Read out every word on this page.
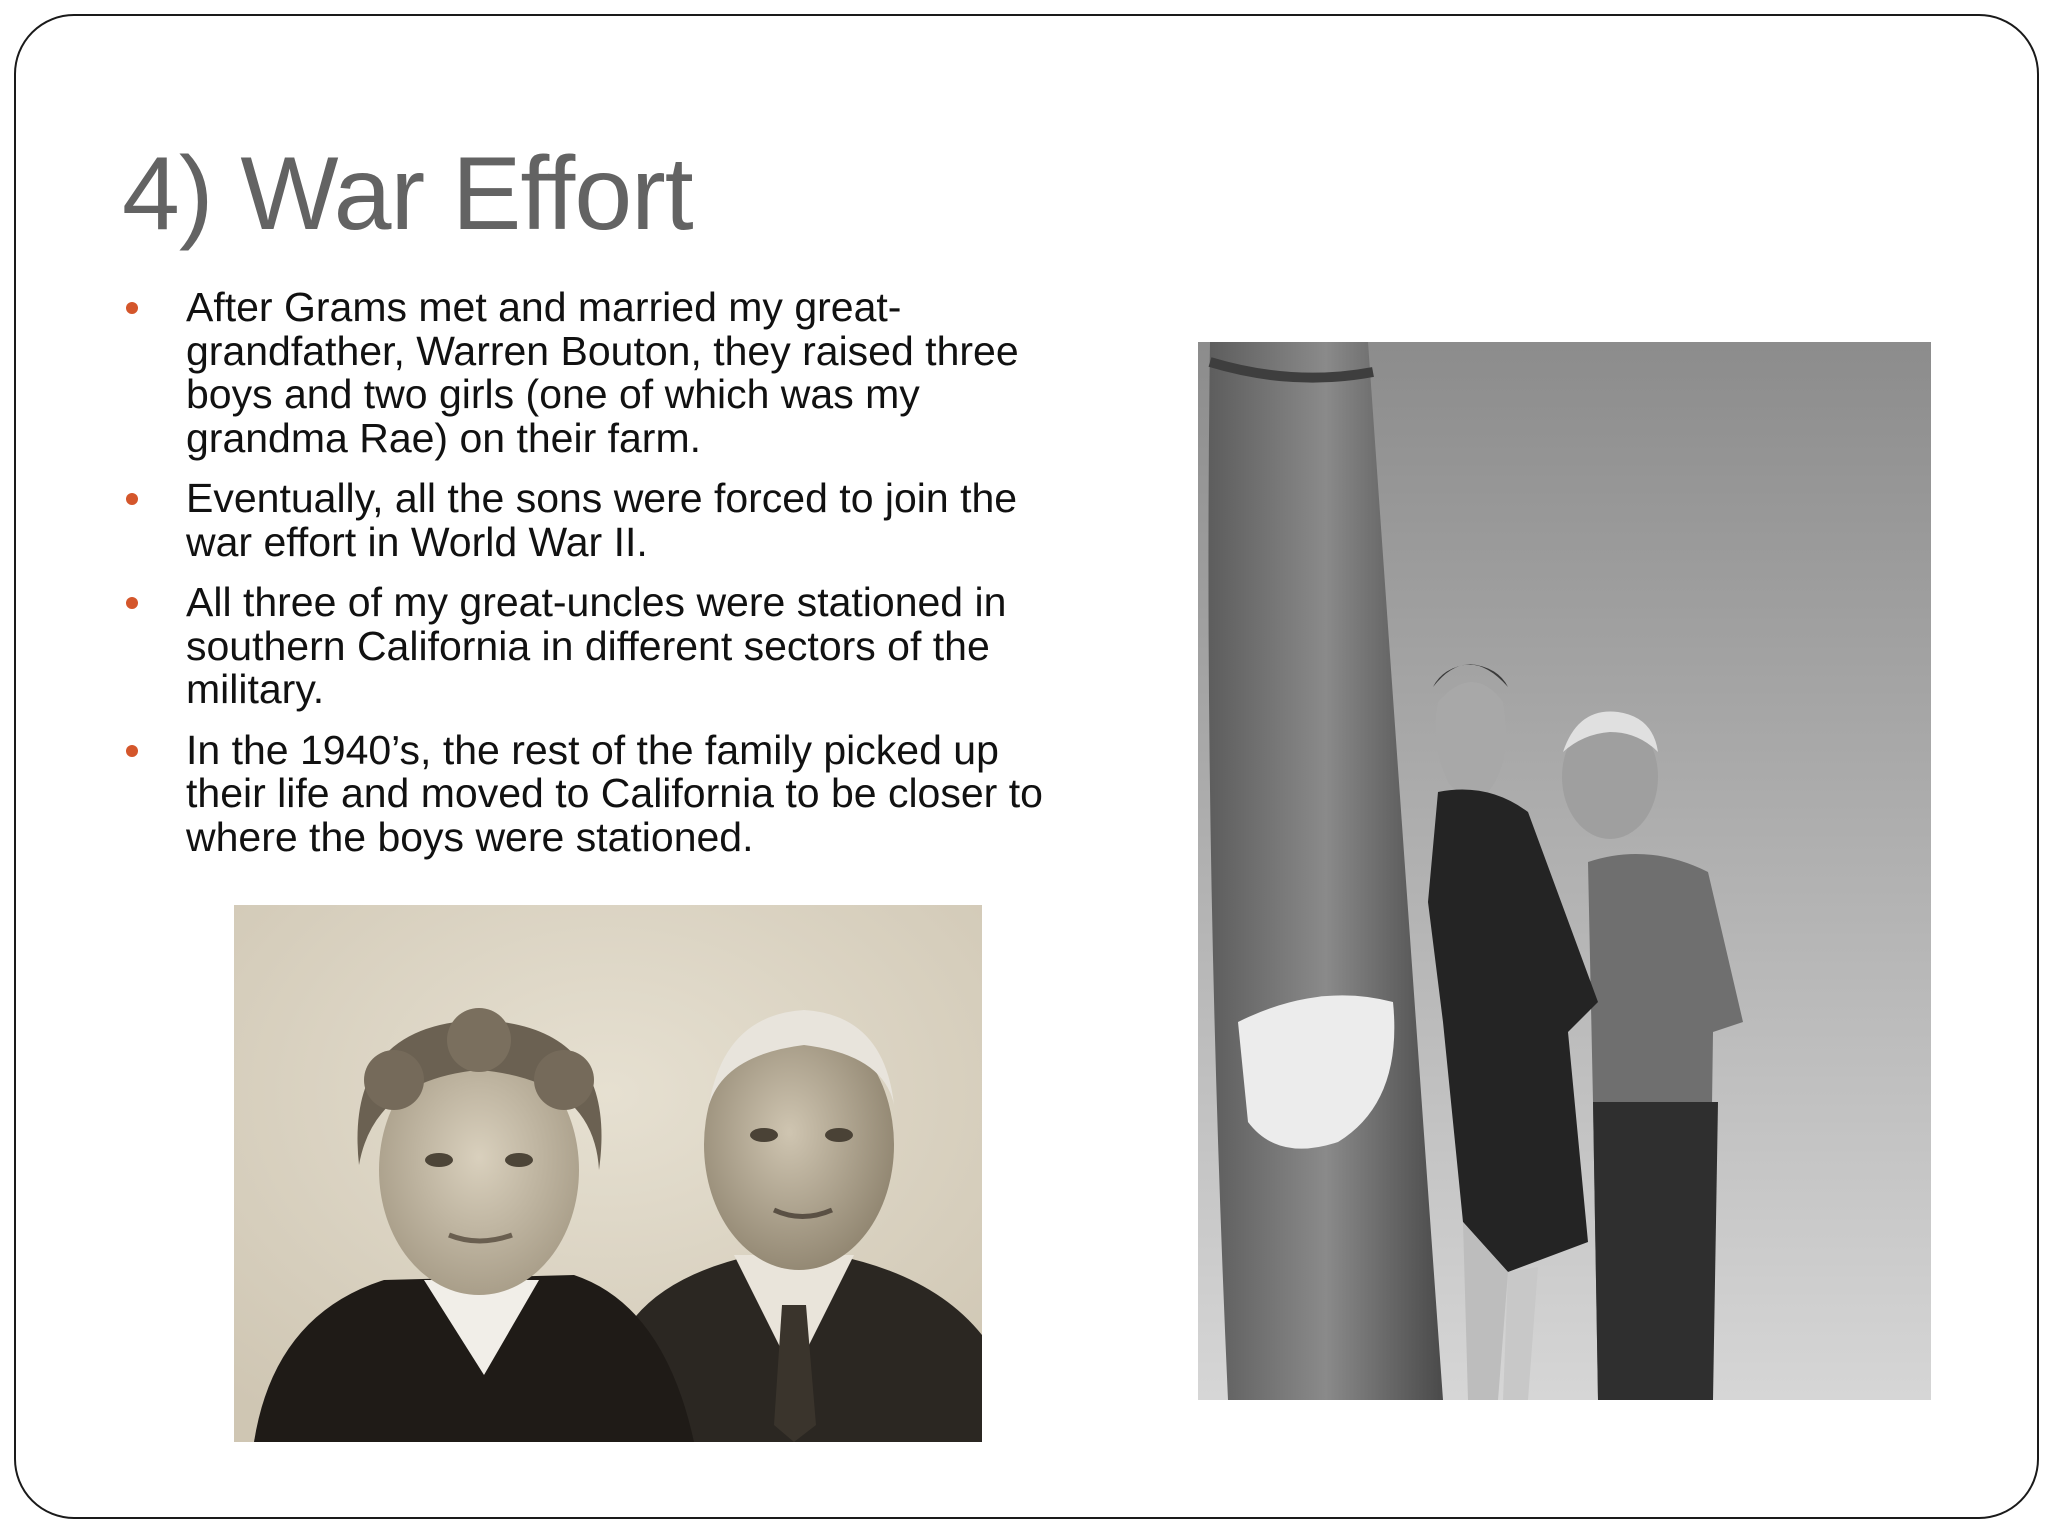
4) War Effort
After Grams met and married my great-grandfather, Warren Bouton, they raised three boys and two girls (one of which was my grandma Rae) on their farm.
Eventually, all the sons were forced to join the war effort in World War II.
All three of my great-uncles were stationed in southern California in different sectors of the military.
In the 1940’s, the rest of the family picked up their life and moved to California to be closer to where the boys were stationed.
